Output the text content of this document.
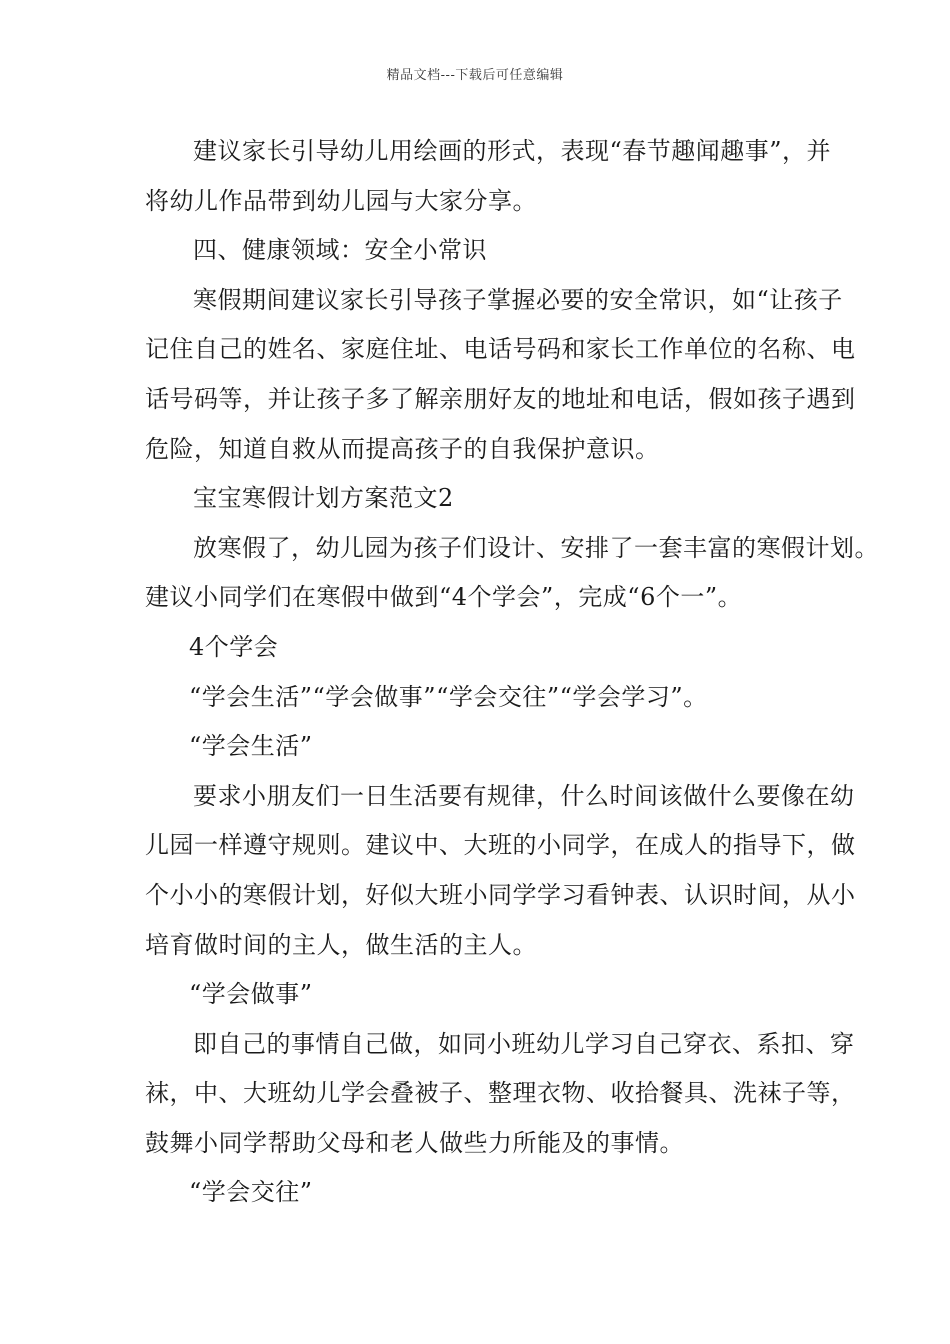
精品文档---下载后可任意编辑
建议家长引导幼儿用绘画的形式，表现“春节趣闻趣事”，并
将幼儿作品带到幼儿园与大家分享。
四、健康领域：安全小常识
寒假期间建议家长引导孩子掌握必要的安全常识，如“让孩子
记住自己的姓名、家庭住址、电话号码和家长工作单位的名称、电
话号码等，并让孩子多了解亲朋好友的地址和电话，假如孩子遇到
危险，知道自救从而提高孩子的自我保护意识。
宝宝寒假计划方案范文2
放寒假了，幼儿园为孩子们设计、安排了一套丰富的寒假计划。
建议小同学们在寒假中做到“4个学会”，完成“6个一”。
4个学会
“学会生活”“学会做事”“学会交往”“学会学习”。
“学会生活”
要求小朋友们一日生活要有规律，什么时间该做什么要像在幼
儿园一样遵守规则。建议中、大班的小同学，在成人的指导下，做
个小小的寒假计划，好似大班小同学学习看钟表、认识时间，从小
培育做时间的主人，做生活的主人。
“学会做事”
即自己的事情自己做，如同小班幼儿学习自己穿衣、系扣、穿
袜，中、大班幼儿学会叠被子、整理衣物、收拾餐具、洗袜子等，
鼓舞小同学帮助父母和老人做些力所能及的事情。
“学会交往”
